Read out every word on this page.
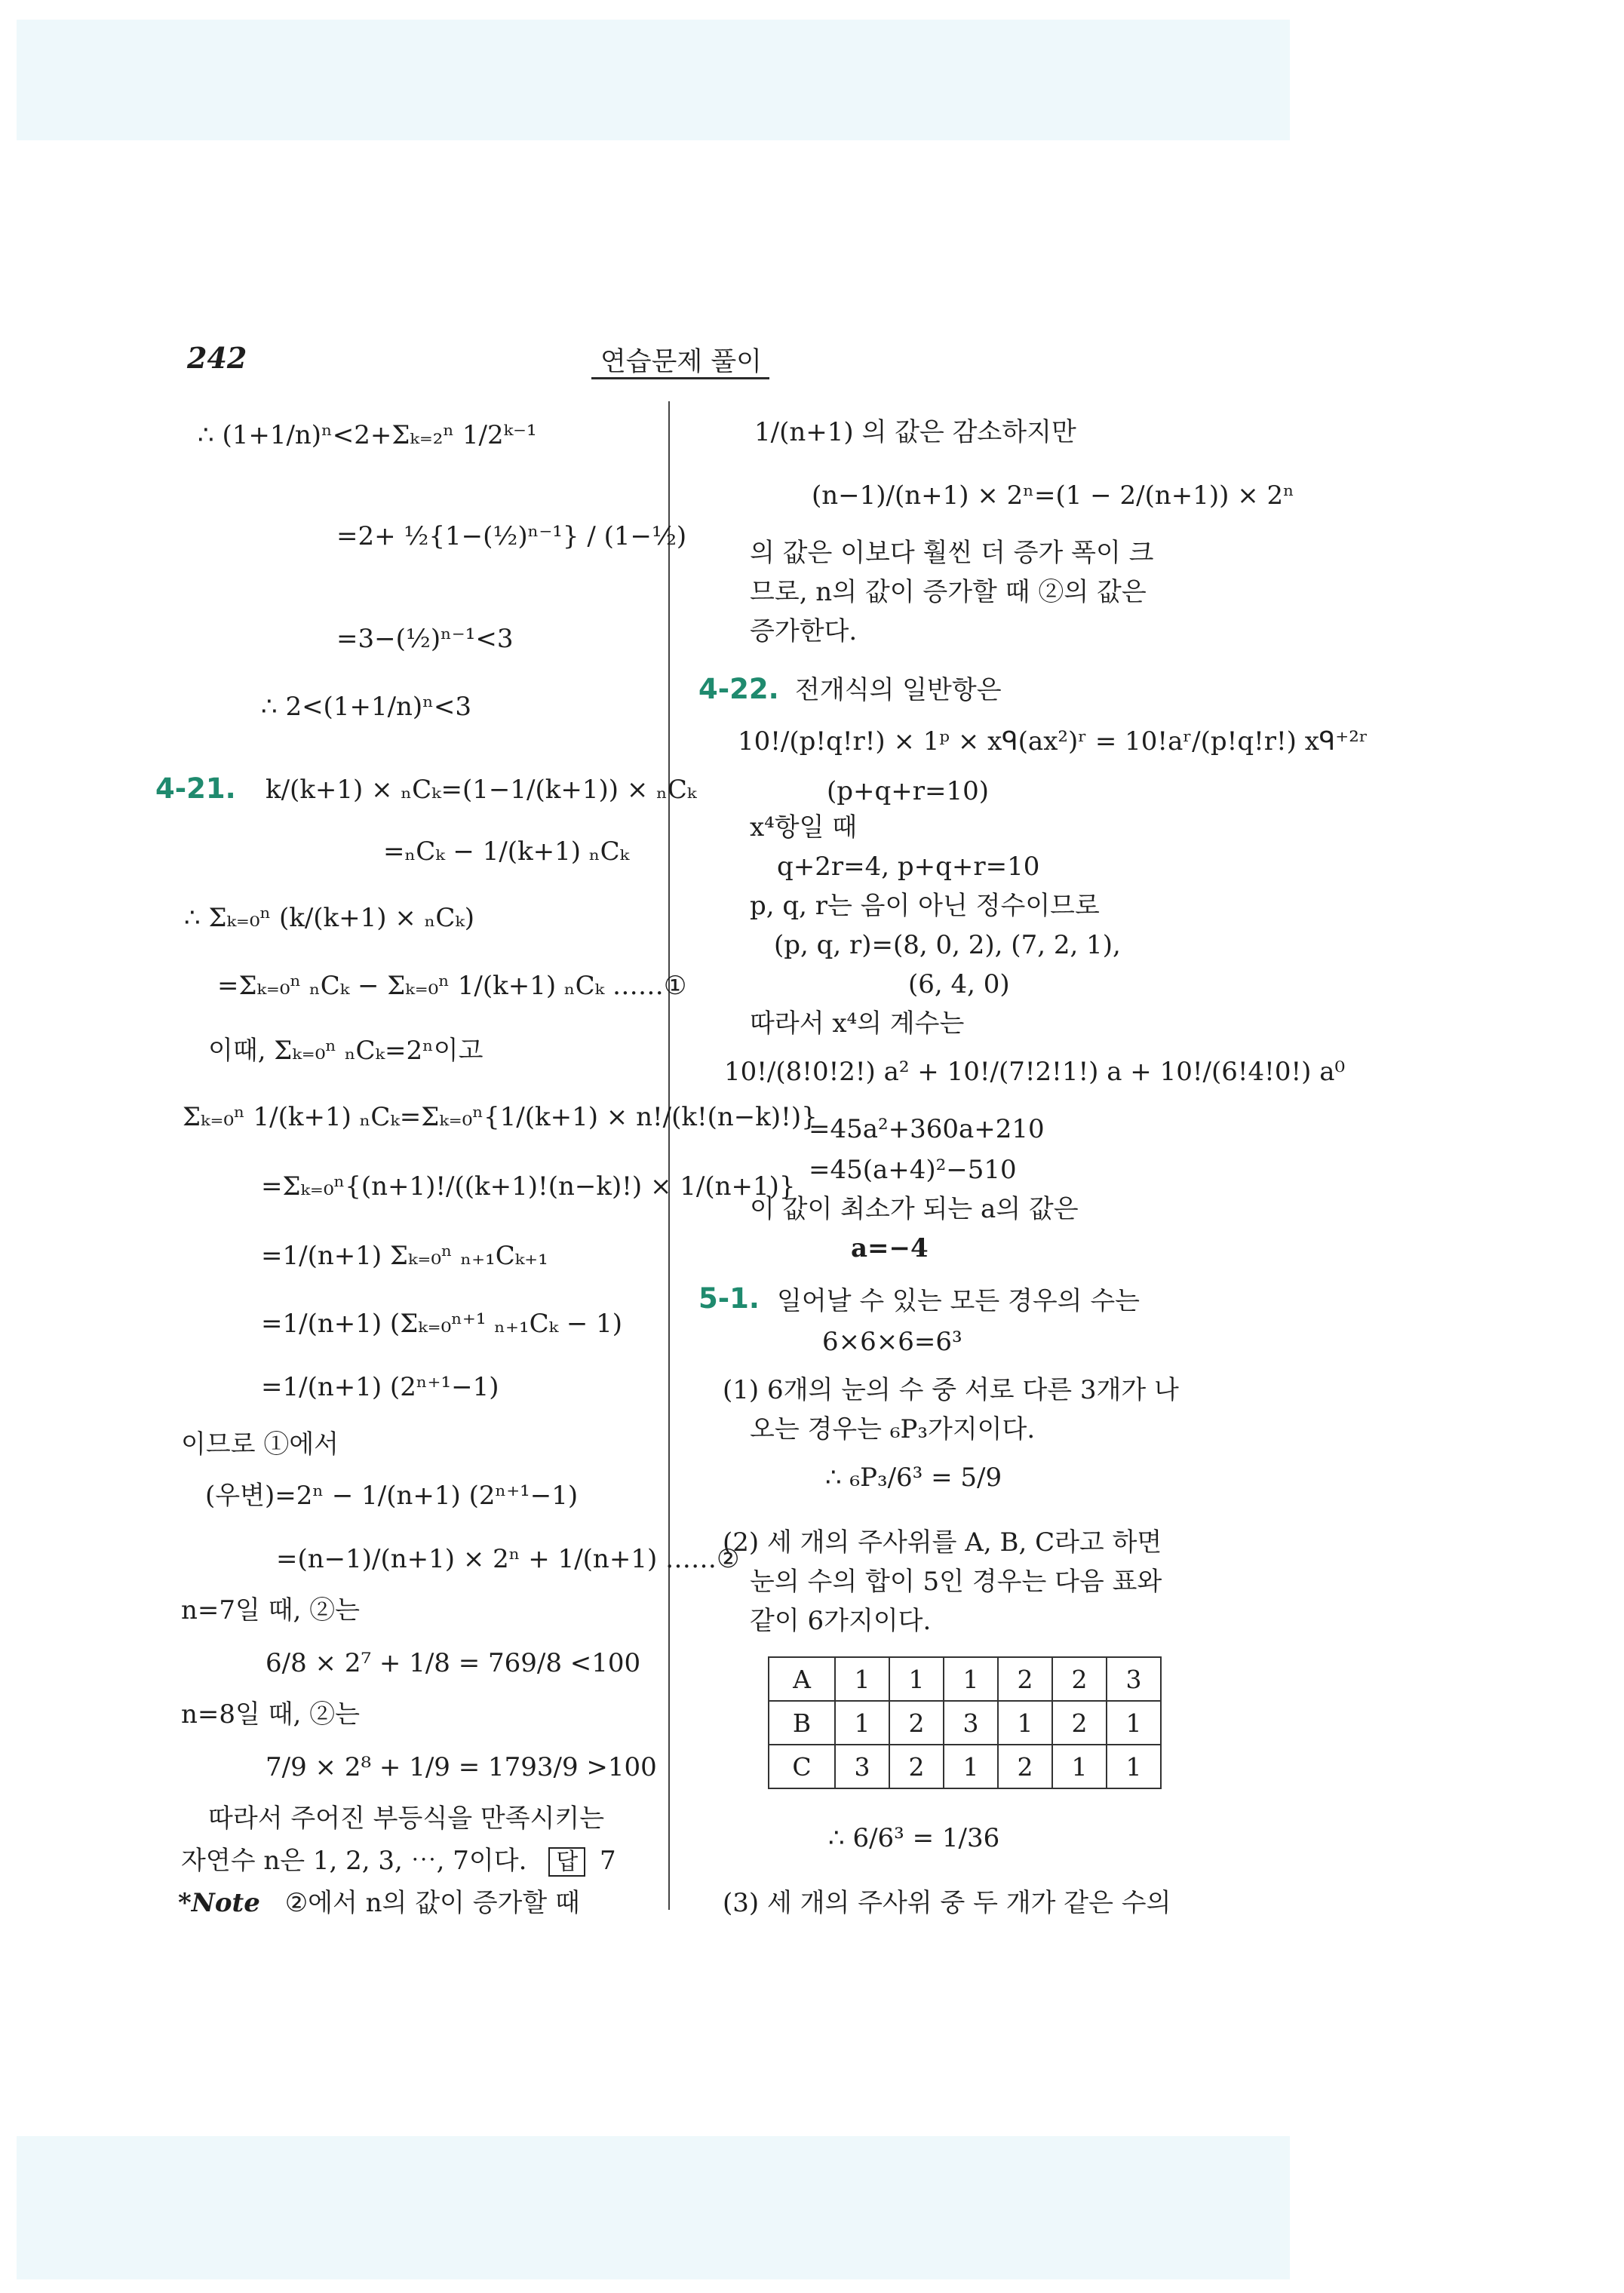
242	연습문제 풀이
∴ (1+1/n)ⁿ<2+Σₖ₌₂ⁿ 1/2ᵏ⁻¹
=2+ ½{1−(½)ⁿ⁻¹} / (1−½)
=3−(½)ⁿ⁻¹<3
∴ 2<(1+1/n)ⁿ<3
4-21. k/(k+1) × ₙCₖ=(1−1/(k+1)) × ₙCₖ
=ₙCₖ − 1/(k+1) ₙCₖ
∴ Σₖ₌₀ⁿ (k/(k+1) × ₙCₖ)
=Σₖ₌₀ⁿ ₙCₖ − Σₖ₌₀ⁿ 1/(k+1) ₙCₖ ……①
이때, Σₖ₌₀ⁿ ₙCₖ=2ⁿ이고
Σₖ₌₀ⁿ 1/(k+1) ₙCₖ=Σₖ₌₀ⁿ{1/(k+1) × n!/(k!(n−k)!)}
=Σₖ₌₀ⁿ{(n+1)!/((k+1)!(n−k)!) × 1/(n+1)}
=1/(n+1) Σₖ₌₀ⁿ ₙ₊₁Cₖ₊₁
=1/(n+1) (Σₖ₌₀ⁿ⁺¹ ₙ₊₁Cₖ − 1)
=1/(n+1) (2ⁿ⁺¹−1)
이므로 ①에서
(우변)=2ⁿ − 1/(n+1) (2ⁿ⁺¹−1)
=(n−1)/(n+1) × 2ⁿ + 1/(n+1) ……②
n=7일 때, ②는
6/8 × 2⁷ + 1/8 = 769/8 <100
n=8일 때, ②는
7/9 × 2⁸ + 1/9 = 1793/9 >100
따라서 주어진 부등식을 만족시키는
자연수 n은 1, 2, 3, ⋯, 7이다. 답 7
*Note ②에서 n의 값이 증가할 때
1/(n+1) 의 값은 감소하지만
(n−1)/(n+1) × 2ⁿ=(1 − 2/(n+1)) × 2ⁿ
의 값은 이보다 훨씬 더 증가 폭이 크
므로, n의 값이 증가할 때 ②의 값은
증가한다.
4-22. 전개식의 일반항은
10!/(p!q!r!) × 1ᵖ × xᑫ(ax²)ʳ = 10!aʳ/(p!q!r!) xᑫ⁺²ʳ
(p+q+r=10)
x⁴항일 때
q+2r=4, p+q+r=10
p, q, r는 음이 아닌 정수이므로
(p, q, r)=(8, 0, 2), (7, 2, 1),
(6, 4, 0)
따라서 x⁴의 계수는
10!/(8!0!2!) a² + 10!/(7!2!1!) a + 10!/(6!4!0!) a⁰
=45a²+360a+210
=45(a+4)²−510
이 값이 최소가 되는 a의 값은
a=−4
5-1. 일어날 수 있는 모든 경우의 수는
6×6×6=6³
(1) 6개의 눈의 수 중 서로 다른 3개가 나
오는 경우는 ₆P₃가지이다.
∴ ₆P₃/6³ = 5/9
(2) 세 개의 주사위를 A, B, C라고 하면
눈의 수의 합이 5인 경우는 다음 표와
같이 6가지이다.
A	1	1	1	2	2	3
B	1	2	3	1	2	1
C	3	2	1	2	1	1
∴ 6/6³ = 1/36
(3) 세 개의 주사위 중 두 개가 같은 수의
